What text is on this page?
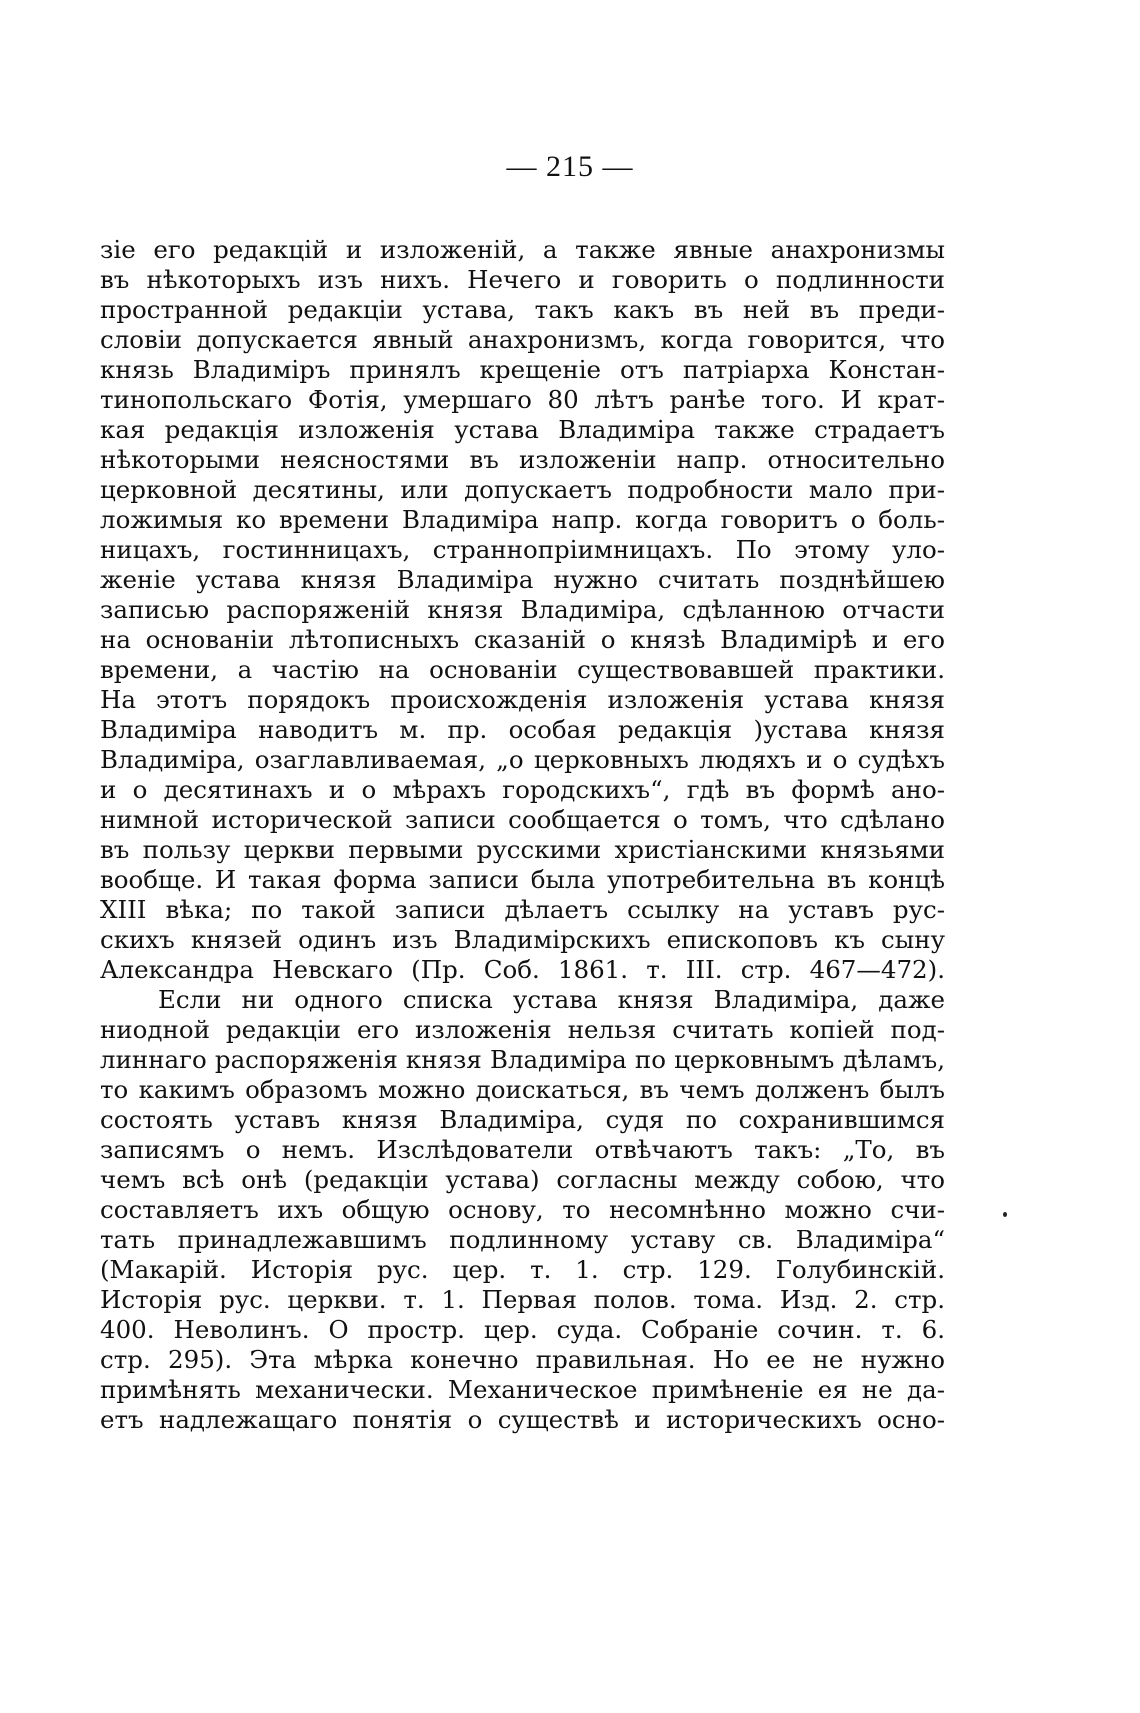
— 215 —
зіе его редакцій и изложеній, а также явные анахронизмы
въ нѣкоторыхъ изъ нихъ. Нечего и говорить о подлинности
пространной редакціи устава, такъ какъ въ ней въ преди-
словіи допускается явный анахронизмъ, когда говорится, что
князь Владиміръ принялъ крещеніе отъ патріарха Констан-
тинопольскаго Фотія, умершаго 80 лѣтъ ранѣе того. И крат-
кая редакція изложенія устава Владиміра также страдаетъ
нѣкоторыми неясностями въ изложеніи напр. относительно
церковной десятины, или допускаетъ подробности мало при-
ложимыя ко времени Владиміра напр. когда говоритъ о боль-
ницахъ, гостинницахъ, страннопріимницахъ. По этому уло-
женіе устава князя Владиміра нужно считать позднѣйшею
записью распоряженій князя Владиміра, сдѣланною отчасти
на основаніи лѣтописныхъ сказаній о князѣ Владимірѣ и его
времени, а частію на основаніи существовавшей практики.
На этотъ порядокъ происхожденія изложенія устава князя
Владиміра наводитъ м. пр. особая редакція )устава князя
Владиміра, озаглавливаемая, „о церковныхъ людяхъ и о судѣхъ
и о десятинахъ и о мѣрахъ городскихъ“, гдѣ въ формѣ ано-
нимной исторической записи сообщается о томъ, что сдѣлано
въ пользу церкви первыми русскими христіанскими князьями
вообще. И такая форма записи была употребительна въ концѣ
XIII вѣка; по такой записи дѣлаетъ ссылку на уставъ рус-
скихъ князей одинъ изъ Владимірскихъ епископовъ къ сыну
Александра Невскаго (Пр. Соб. 1861. т. III. стр. 467—472).
Если ни одного списка устава князя Владиміра, даже
ниодной редакціи его изложенія нельзя считать копіей под-
линнаго распоряженія князя Владиміра по церковнымъ дѣламъ,
то какимъ образомъ можно доискаться, въ чемъ долженъ былъ
состоять уставъ князя Владиміра, судя по сохранившимся
записямъ о немъ. Изслѣдователи отвѣчаютъ такъ: „То, въ
чемъ всѣ онѣ (редакціи устава) согласны между собою, что
составляетъ ихъ общую основу, то несомнѣнно можно счи-
тать принадлежавшимъ подлинному уставу св. Владиміра“
(Макарій. Исторія рус. цер. т. 1. стр. 129. Голубинскій.
Исторія рус. церкви. т. 1. Первая полов. тома. Изд. 2. стр.
400. Неволинъ. О простр. цер. суда. Собраніе сочин. т. 6.
стр. 295). Эта мѣрка конечно правильная. Но ее не нужно
примѣнять механически. Механическое примѣненіе ея не да-
етъ надлежащаго понятія о существѣ и историческихъ осно-
